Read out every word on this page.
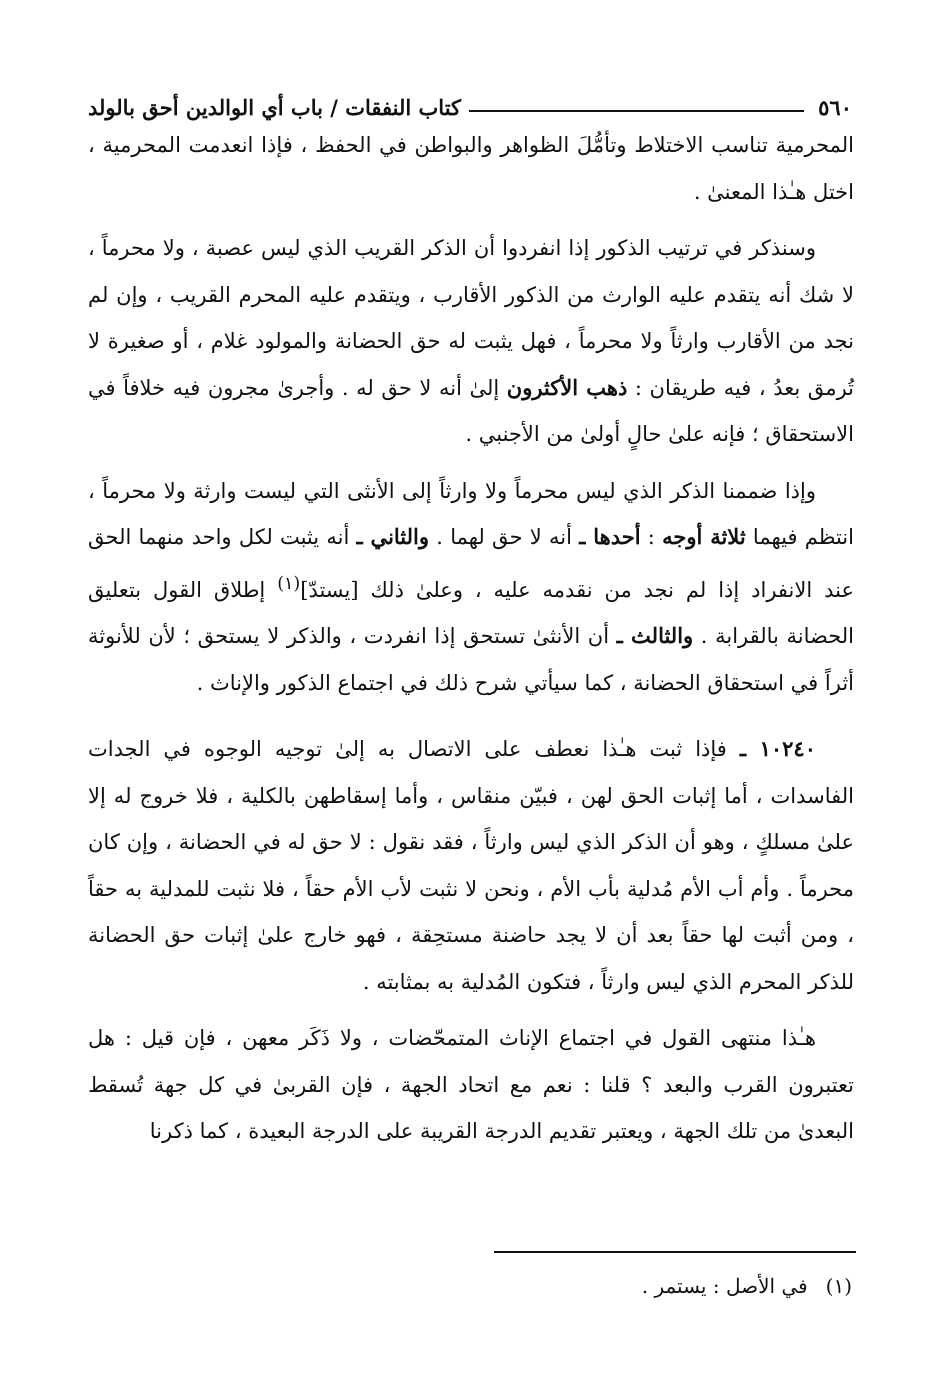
٥٦٠
كتاب النفقات / باب أي الوالدين أحق بالولد

المحرمية تناسب الاختلاط وتأمُّلَ الظواهر والبواطن في الحفظ ، فإذا انعدمت المحرمية ، اختل هـٰذا المعنىٰ .

وسنذكر في ترتيب الذكور إذا انفردوا أن الذكر القريب الذي ليس عصبة ، ولا محرماً ، لا شك أنه يتقدم عليه الوارث من الذكور الأقارب ، ويتقدم عليه المحرم القريب ، وإن لم نجد من الأقارب وارثاً ولا محرماً ، فهل يثبت له حق الحضانة والمولود غلام ، أو صغيرة لا تُرمق بعدُ ، فيه طريقان : ذهب الأكثرون إلىٰ أنه لا حق له . وأجرىٰ مجرون فيه خلافاً في الاستحقاق ؛ فإنه علىٰ حالٍ أولىٰ من الأجنبي .

وإذا ضممنا الذكر الذي ليس محرماً ولا وارثاً إلى الأنثى التي ليست وارثة ولا محرماً ، انتظم فيهما ثلاثة أوجه : أحدها ـ أنه لا حق لهما . والثاني ـ أنه يثبت لكل واحد منهما الحق عند الانفراد إذا لم نجد من نقدمه عليه ، وعلىٰ ذلك [يستدّ]$^{(١)}$ إطلاق القول بتعليق الحضانة بالقرابة . والثالث ـ أن الأنثىٰ تستحق إذا انفردت ، والذكر لا يستحق ؛ لأن للأنوثة أثراً في استحقاق الحضانة ، كما سيأتي شرح ذلك في اجتماع الذكور والإناث .

١٠٢٤٠ ـ فإذا ثبت هـٰذا نعطف على الاتصال به إلىٰ توجيه الوجوه في الجدات الفاسدات ، أما إثبات الحق لهن ، فبيّن منقاس ، وأما إسقاطهن بالكلية ، فلا خروج له إلا علىٰ مسلكٍ ، وهو أن الذكر الذي ليس وارثاً ، فقد نقول : لا حق له في الحضانة ، وإن كان محرماً . وأم أب الأم مُدلية بأب الأم ، ونحن لا نثبت لأب الأم حقاً ، فلا نثبت للمدلية به حقاً ، ومن أثبت لها حقاً بعد أن لا يجد حاضنة مستحِقة ، فهو خارج علىٰ إثبات حق الحضانة للذكر المحرم الذي ليس وارثاً ، فتكون المُدلية به بمثابته .

هـٰذا منتهى القول في اجتماع الإناث المتمحّضات ، ولا ذَكَر معهن ، فإن قيل : هل تعتبرون القرب والبعد ؟ قلنا : نعم مع اتحاد الجهة ، فإن القربىٰ في كل جهة تُسقط البعدىٰ من تلك الجهة ، ويعتبر تقديم الدرجة القريبة على الدرجة البعيدة ، كما ذكرنا

(١)في الأصل : يستمر .
